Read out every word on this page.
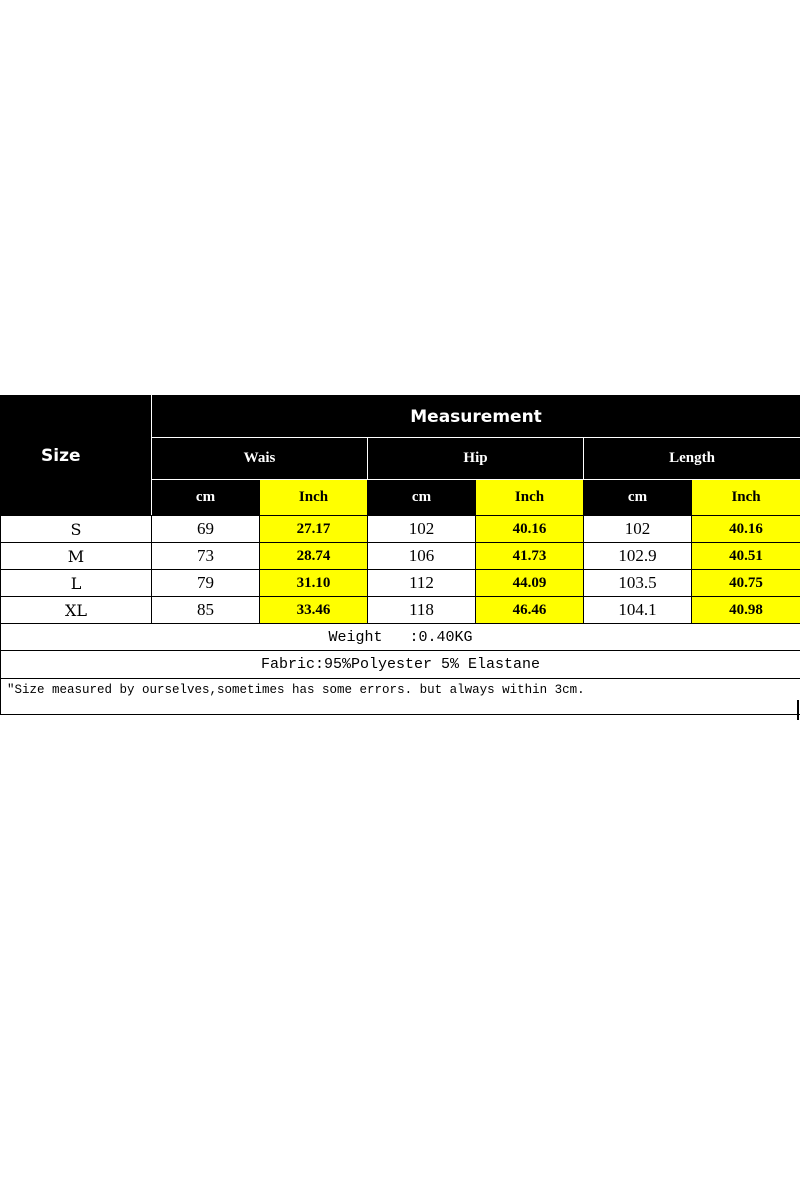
Size	Measurement					
	Wais		Hip		Length	
	cm	Inch	cm	Inch	cm	Inch
S	69	27.17	102	40.16	102	40.16
M	73	28.74	106	41.73	102.9	40.51
L	79	31.10	112	44.09	103.5	40.75
XL	85	33.46	118	46.46	104.1	40.98
Weight   :0.40KG						
Fabric:95%Polyester 5% Elastane						
"Size measured by ourselves,sometimes has some errors. but always within 3cm.						
